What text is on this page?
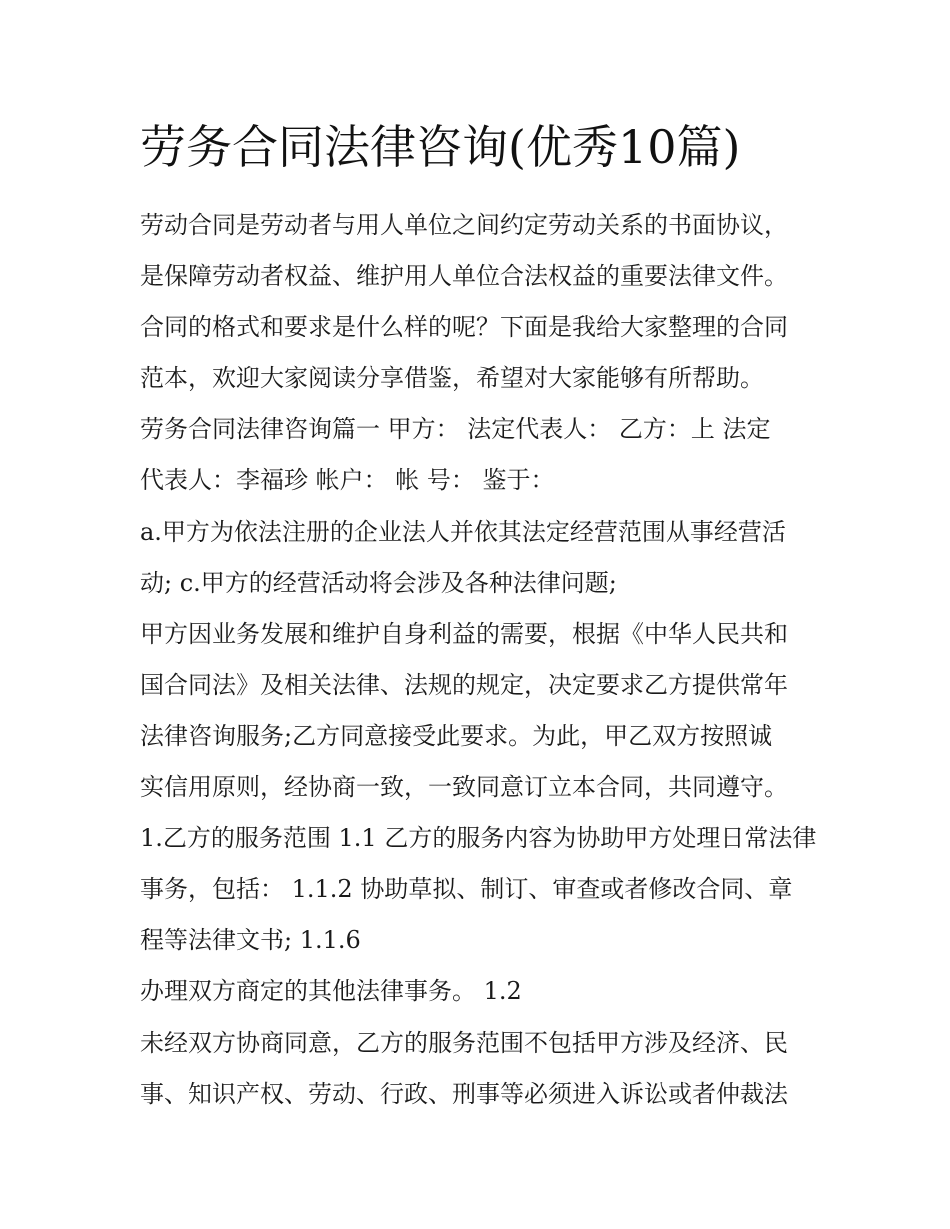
劳务合同法律咨询(优秀10篇)
劳动合同是劳动者与用人单位之间约定劳动关系的书面协议，
是保障劳动者权益、维护用人单位合法权益的重要法律文件。
合同的格式和要求是什么样的呢？下面是我给大家整理的合同
范本，欢迎大家阅读分享借鉴，希望对大家能够有所帮助。
劳务合同法律咨询篇一 甲方： 法定代表人： 乙方：上 法定
代表人：李福珍 帐户： 帐 号： 鉴于：
a.甲方为依法注册的企业法人并依其法定经营范围从事经营活
动; c.甲方的经营活动将会涉及各种法律问题;
甲方因业务发展和维护自身利益的需要，根据《中华人民共和
国合同法》及相关法律、法规的规定，决定要求乙方提供常年
法律咨询服务;乙方同意接受此要求。为此，甲乙双方按照诚
实信用原则，经协商一致，一致同意订立本合同，共同遵守。
1.乙方的服务范围 1.1 乙方的服务内容为协助甲方处理日常法律
事务，包括： 1.1.2 协助草拟、制订、审查或者修改合同、章
程等法律文书; 1.1.6
办理双方商定的其他法律事务。 1.2
未经双方协商同意，乙方的服务范围不包括甲方涉及经济、民
事、知识产权、劳动、行政、刑事等必须进入诉讼或者仲裁法
